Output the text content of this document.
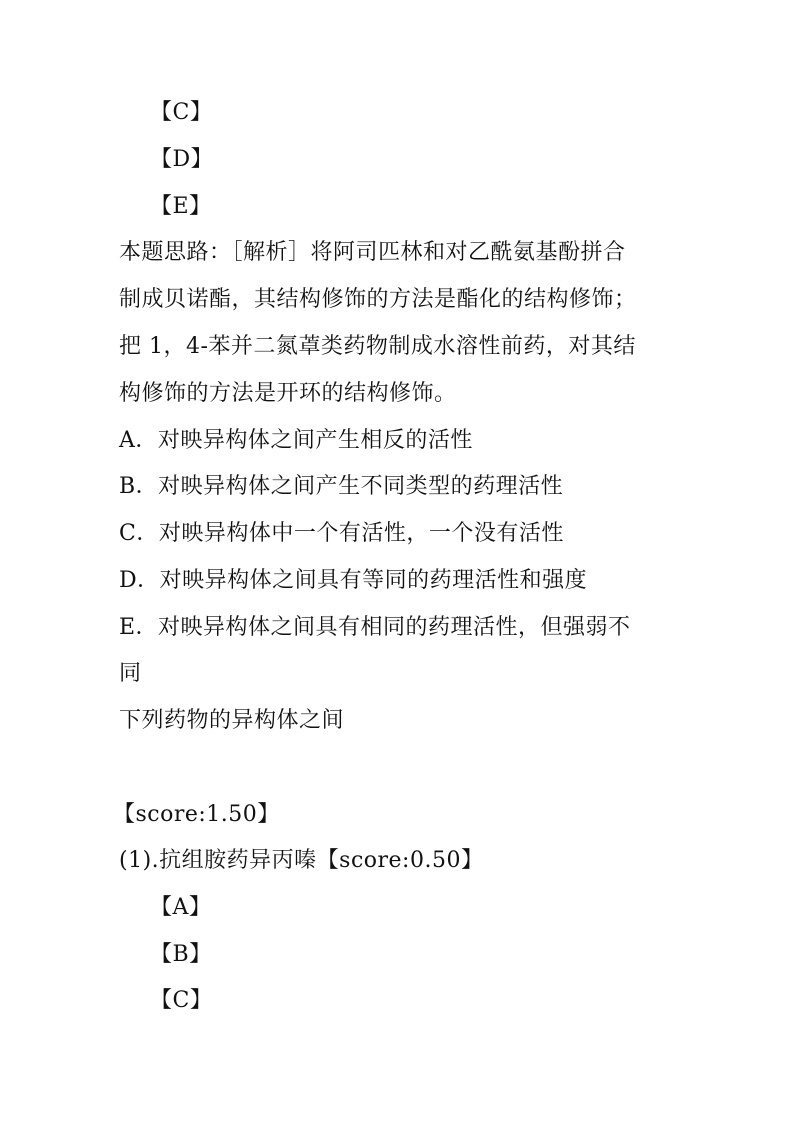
【C】
【D】
【E】
本题思路：［解析］将阿司匹林和对乙酰氨基酚拼合
制成贝诺酯，其结构修饰的方法是酯化的结构修饰；
把 1，4-苯并二氮䓬类药物制成水溶性前药，对其结
构修饰的方法是开环的结构修饰。
A．对映异构体之间产生相反的活性
B．对映异构体之间产生不同类型的药理活性
C．对映异构体中一个有活性，一个没有活性
D．对映异构体之间具有等同的药理活性和强度
E．对映异构体之间具有相同的药理活性，但强弱不
同
下列药物的异构体之间
【score:1.50】
(1).抗组胺药异丙嗪【score:0.50】
【A】
【B】
【C】
